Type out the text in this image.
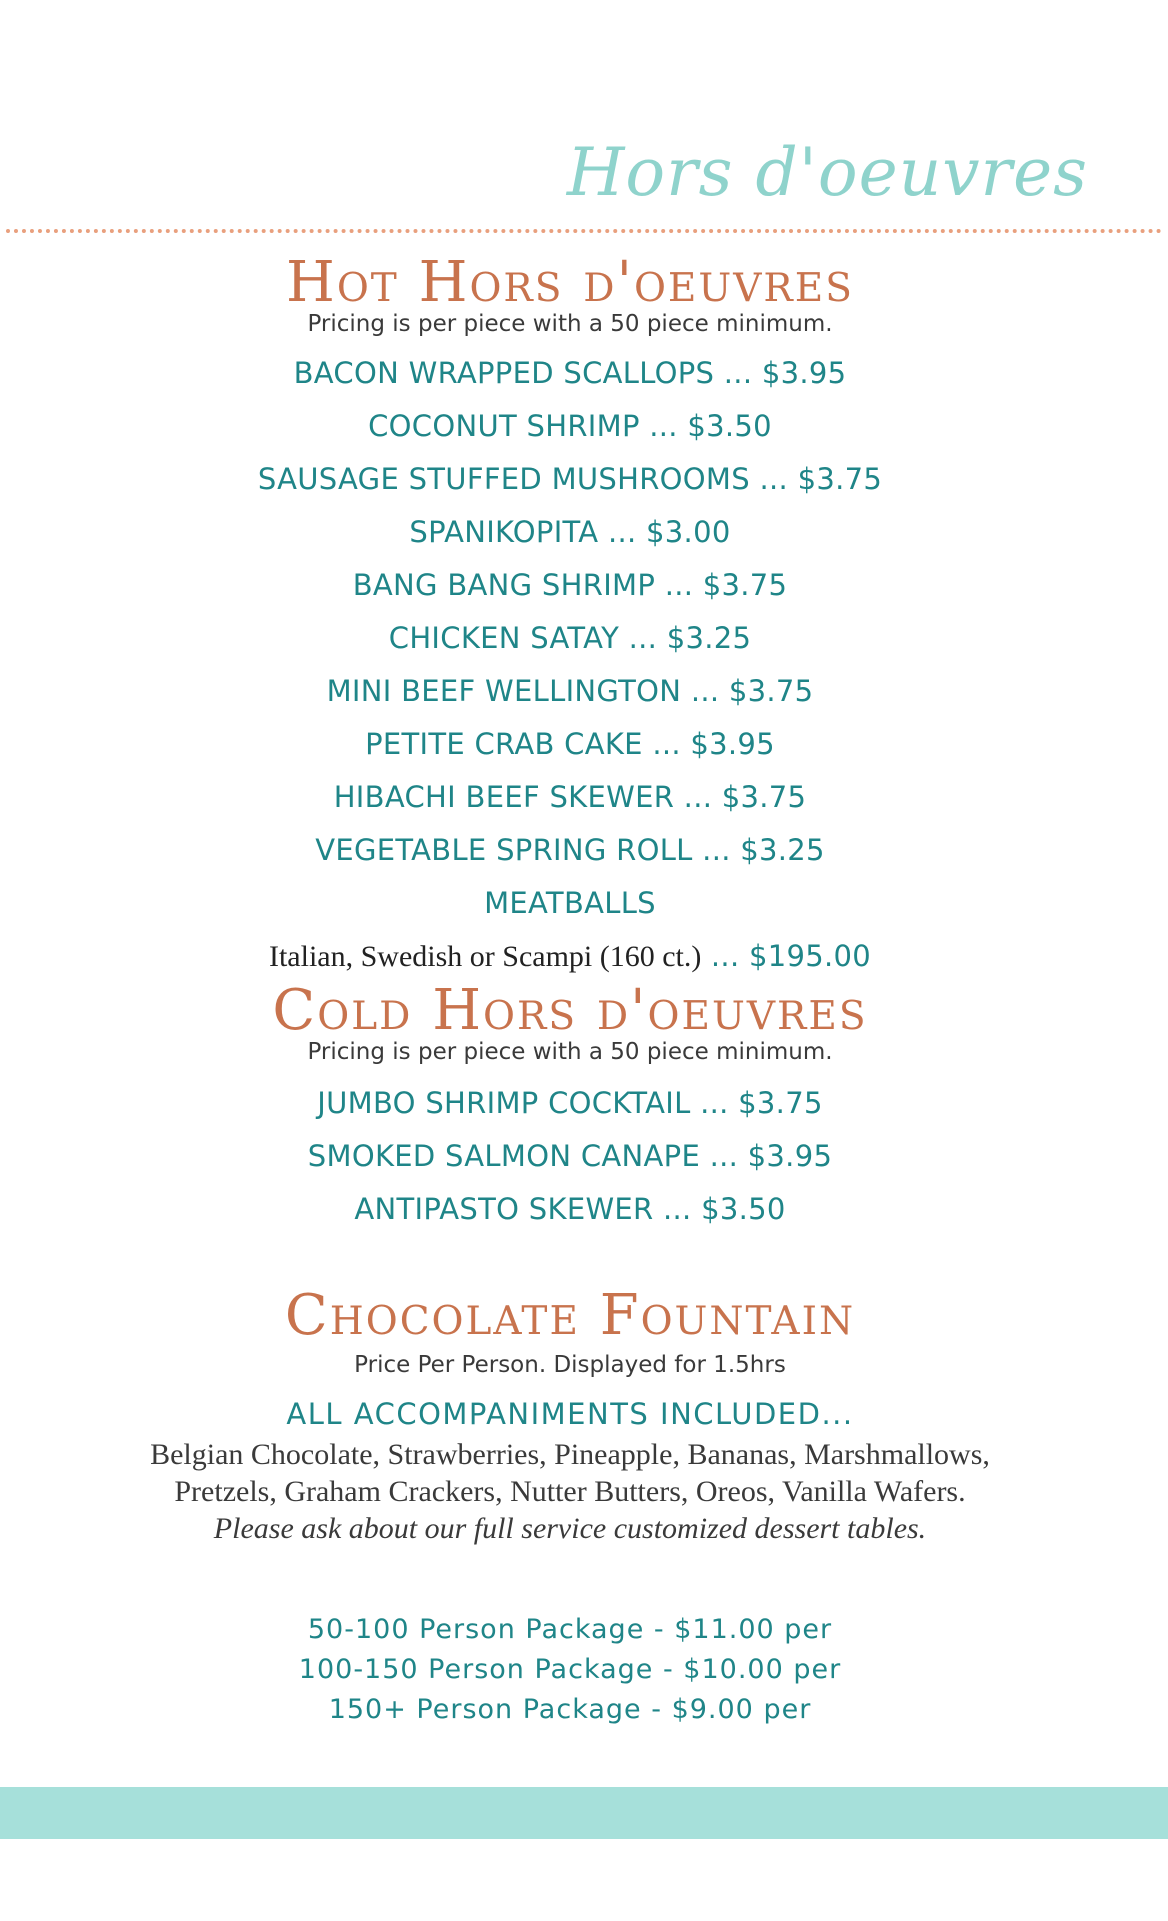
Hors d'oeuvres
Hot Hors d'oeuvres
Pricing is per piece with a 50 piece minimum.
BACON WRAPPED SCALLOPS ... $3.95
COCONUT SHRIMP ... $3.50
SAUSAGE STUFFED MUSHROOMS ... $3.75
SPANIKOPITA ... $3.00
BANG BANG SHRIMP ... $3.75
CHICKEN SATAY ... $3.25
MINI BEEF WELLINGTON ... $3.75
PETITE CRAB CAKE ... $3.95
HIBACHI BEEF SKEWER ... $3.75
VEGETABLE SPRING ROLL ... $3.25
MEATBALLS
Italian, Swedish or Scampi (160 ct.) ... $195.00
Cold Hors d'oeuvres
Pricing is per piece with a 50 piece minimum.
JUMBO SHRIMP COCKTAIL ... $3.75
SMOKED SALMON CANAPE ... $3.95
ANTIPASTO SKEWER ... $3.50
Chocolate Fountain
Price Per Person. Displayed for 1.5hrs
ALL ACCOMPANIMENTS INCLUDED...
Belgian Chocolate, Strawberries, Pineapple, Bananas, Marshmallows,
Pretzels, Graham Crackers, Nutter Butters, Oreos, Vanilla Wafers.
Please ask about our full service customized dessert tables.
50-100 Person Package - $11.00 per
100-150 Person Package - $10.00 per
150+ Person Package - $9.00 per
